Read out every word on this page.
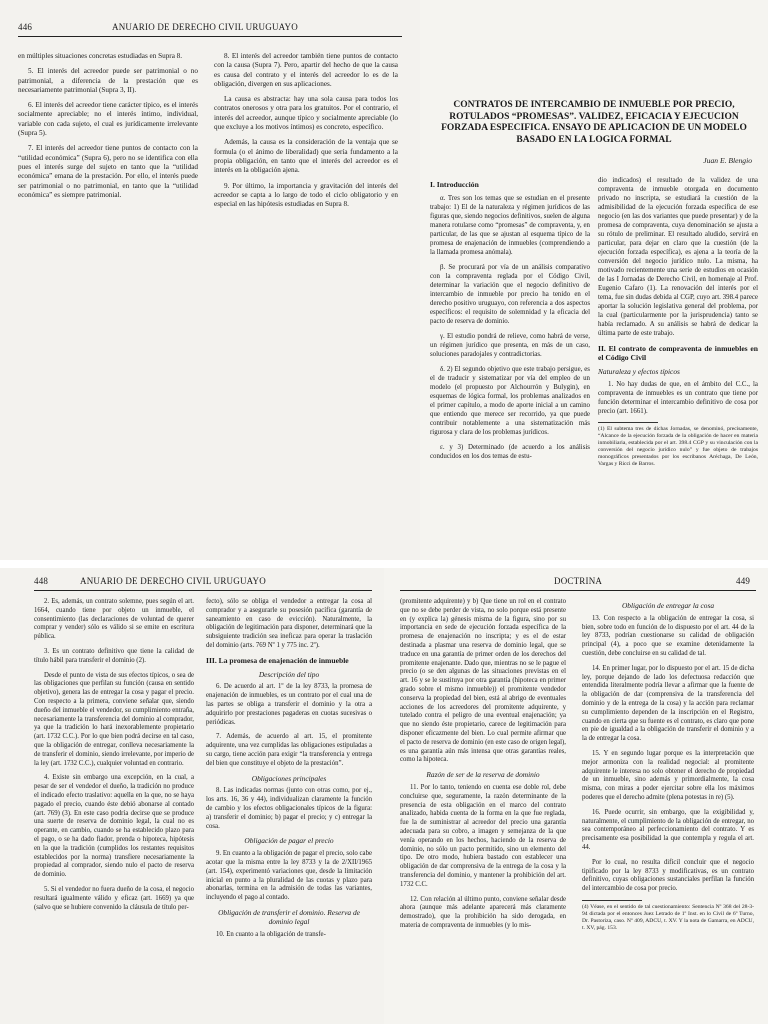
446	ANUARIO DE DERECHO CIVIL URUGUAYO

en múltiples situaciones concretas estudiadas en Supra 8.

5. El interés del acreedor puede ser patrimonial o no patrimonial, a diferencia de la prestación que es necesariamente patrimonial (Supra 3, II).

6. El interés del acreedor tiene carácter típico, es el interés socialmente apreciable; no el interés íntimo, individual, variable con cada sujeto, el cual es jurídicamente irrelevante (Supra 5).

7. El interés del acreedor tiene puntos de contacto con la “utilidad económica” (Supra 6), pero no se identifica con ella pues el interés surge del sujeto en tanto que la “utilidad económica” emana de la prestación. Por ello, el interés puede ser patrimonial o no patrimonial, en tanto que la “utilidad económica” es siempre patrimonial.

8. El interés del acreedor también tiene puntos de contacto con la causa (Supra 7). Pero, apartir del hecho de que la causa es causa del contrato y el interés del acreedor lo es de la obligación, divergen en sus aplicaciones.

La causa es abstracta: hay una sola causa para todos los contratos onerosos y otra para los gratuitos. Por el contrario, el interés del acreedor, aunque típico y socialmente apreciable (lo que excluye a los motivos íntimos) es concreto, específico.

Además, la causa es la consideración de la ventaja que se formula (o el ánimo de liberalidad) que sería fundamento a la propia obligación, en tanto que el interés del acreedor es el interés en la obligación ajena.

9. Por último, la importancia y gravitación del interés del acreedor se capta a lo largo de todo el ciclo obligatorio y en especial en las hipótesis estudiadas en Supra 8.

CONTRATOS DE INTERCAMBIO DE INMUEBLE POR PRECIO, ROTULADOS “PROMESAS”. VALIDEZ, EFICACIA Y EJECUCION FORZADA ESPECIFICA. ENSAYO DE APLICACION DE UN MODELO BASADO EN LA LOGICA FORMAL
Juan E. Blengio
I. Introducción

α. Tres son los temas que se estudian en el presente trabajo: 1) El de la naturaleza y régimen jurídicos de las figuras que, siendo negocios definitivos, suelen de alguna manera rotularse como “promesas” de compraventa, y, en particular, de las que se ajustan al esquema típico de la promesa de enajenación de inmuebles (comprendiendo a la llamada promesa anómala).

β. Se procurará por vía de un análisis comparativo con la compraventa reglada por el Código Civil, determinar la variación que el negocio definitivo de intercambio de inmueble por precio ha tenido en el derecho positivo uruguayo, con referencia a dos aspectos específicos: el requisito de solemnidad y la eficacia del pacto de reserva de dominio.

γ. El estudio pondrá de relieve, como habrá de verse, un régimen jurídico que presenta, en más de un caso, soluciones paradojales y contradictorias.

δ. 2) El segundo objetivo que este trabajo persigue, es el de traducir y sistematizar por vía del empleo de un modelo (el propuesto por Alchourrón y Bulygin), en esquemas de lógica formal, los problemas analizados en el primer capítulo, a modo de aporte inicial a un camino que entiendo que merece ser recorrido, ya que puede contribuir notablemente a una sistematización más rigurosa y clara de los problemas jurídicos.

ε. y 3) Determinado (de acuerdo a los análisis conducidos en los dos temas de estu-

dio indicados) el resultado de la validez de una compraventa de inmueble otorgada en documento privado no inscripta, se estudiará la cuestión de la admisibilidad de la ejecución forzada específica de ese negocio (en las dos variantes que puede presentar) y de la promesa de compraventa, cuya denominación se ajusta a su rótulo de preliminar. El resultado aludido, servirá en particular, para dejar en claro que la cuestión (de la ejecución forzada específica), es ajena a la teoría de la conversión del negocio jurídico nulo. La misma, ha motivado recientemente una serie de estudios en ocasión de las I Jornadas de Derecho Civil, en homenaje al Prof. Eugenio Cafaro (1). La renovación del interés por el tema, fue sin dudas debida al CGP, cuyo art. 398.4 parece aportar la solución legislativa general del problema, por la cual (particularmente por la jurisprudencia) tanto se había reclamado. A su análisis se habrá de dedicar la última parte de este trabajo.

II. El contrato de compraventa de inmuebles en el Código Civil
Naturaleza y efectos típicos

1. No hay dudas de que, en el ámbito del C.C., la compraventa de inmuebles es un contrato que tiene por función determinar el intercambio definitivo de cosa por precio (art. 1661).

(1) El subtema tres de dichas Jornadas, se denominó, precisamente, “Alcance de la ejecución forzada de la obligación de hacer en materia inmobiliaria, establecida por el art. 398.4 CGP y su vinculación con la conversión del negocio jurídico nulo” y fue objeto de trabajos monográficos presentados por los escribanos Aréchaga, De León, Vargas y Ricci de Barros.
448	ANUARIO DE DERECHO CIVIL URUGUAYO

2. Es, además, un contrato solemne, pues según el art. 1664, cuando tiene por objeto un inmueble, el consentimiento (las declaraciones de voluntad de querer comprar y vender) sólo es válido si se emite en escritura pública.

3. Es un contrato definitivo que tiene la calidad de título hábil para transferir el dominio (2).

Desde el punto de vista de sus efectos típicos, o sea de las obligaciones que perfilan su función (causa en sentido objetivo), genera las de entregar la cosa y pagar el precio. Con respecto a la primera, conviene señalar que, siendo dueño del inmueble el vendedor, su cumplimiento entraña, necesariamente la transferencia del dominio al comprador, ya que la tradición lo hará inexorablemente propietario (art. 1732 C.C.). Por lo que bien podrá decirse en tal caso, que la obligación de entregar, conlleva necesariamente la de transferir el dominio, siendo irrelevante, por imperio de la ley (art. 1732 C.C.), cualquier voluntad en contrario.

4. Existe sin embargo una excepción, en la cual, a pesar de ser el vendedor el dueño, la tradición no produce el indicado efecto traslativo: aquella en la que, no se haya pagado el precio, cuando éste debió abonarse al contado (art. 769) (3). En este caso podría decirse que se produce una suerte de reserva de dominio legal, la cual no es operante, en cambio, cuando se ha establecido plazo para el pago, o se ha dado fiador, prenda o hipoteca, hipótesis en la que la tradición (cumplidos los restantes requisitos establecidos por la norma) transfiere necesariamente la propiedad al comprador, siendo nulo el pacto de reserva de dominio.

5. Si el vendedor no fuera dueño de la cosa, el negocio resultará igualmente válido y eficaz (art. 1669) ya que (salvo que se hubiere convenido la cláusula de título per-

fecto), sólo se obliga el vendedor a entregar la cosa al comprador y a asegurarle su posesión pacífica (garantía de saneamiento en caso de evicción). Naturalmente, la obligación de legitimación para disponer, determinará que la subsiguiente tradición sea ineficaz para operar la traslación del dominio (arts. 769 Nº 1 y 775 inc. 2º).

III. La promesa de enajenación de inmueble
Descripción del tipo

6. De acuerdo al art. 1º de la ley 8733, la promesa de enajenación de inmuebles, es un contrato por el cual una de las partes se obliga a transferir el dominio y la otra a adquirirlo por prestaciones pagaderas en cuotas sucesivas o periódicas.

7. Además, de acuerdo al art. 15, el promitente adquirente, una vez cumplidas las obligaciones estipuladas a su cargo, tiene acción para exigir “la transferencia y entrega del bien que constituye el objeto de la prestación”.

Obligaciones principales

8. Las indicadas normas (junto con otras como, por ej., los arts. 16, 36 y 44), individualizan claramente la función de cambio y los efectos obligacionales típicos de la figura: a) transferir el dominio; b) pagar el precio; y c) entregar la cosa.

Obligación de pagar el precio

9. En cuanto a la obligación de pagar el precio, solo cabe acotar que la misma entre la ley 8733 y la de 2/XII/1965 (art. 154), experimentó variaciones que, desde la limitación inicial en punto a la pluralidad de las cuotas y plazo para abonarlas, termina en la admisión de todas las variantes, incluyendo el pago al contado.

Obligación de transferir el dominio. Reserva de dominio legal

10. En cuanto a la obligación de transfe-

DOCTRINA	449

(promitente adquirente) y b) Que tiene un rol en el contrato que no se debe perder de vista, no solo porque está presente en (y explica la) génesis misma de la figura, sino por su importancia en sede de ejecución forzada específica de la promesa de enajenación no inscripta; y es el de estar destinada a plasmar una reserva de dominio legal, que se traduce en una garantía de primer orden de los derechos del promitente enajenante. Dado que, mientras no se le pague el precio (o se den algunas de las situaciones previstas en el art. 16 y se le sustituya por otra garantía (hipoteca en primer grado sobre el mismo inmueble)) el promitente vendedor conserva la propiedad del bien, está al abrigo de eventuales acciones de los acreedores del promitente adquirente, y tutelado contra el peligro de una eventual enajenación; ya que no siendo éste propietario, carece de legitimación para disponer eficazmente del bien. Lo cual permite afirmar que el pacto de reserva de dominio (en este caso de origen legal), es una garantía aún más intensa que otras garantías reales, como la hipoteca.

Razón de ser de la reserva de dominio

11. Por lo tanto, teniendo en cuenta ese doble rol, debe concluirse que, seguramente, la razón determinante de la presencia de esta obligación en el marco del contrato analizado, habida cuenta de la forma en la que fue reglada, fue la de suministrar al acreedor del precio una garantía adecuada para su cobro, a imagen y semejanza de la que venía operando en los hechos, haciendo de la reserva de dominio, no sólo un pacto permitido, sino un elemento del tipo. De otro modo, hubiera bastado con establecer una obligación de dar comprensiva de la entrega de la cosa y la transferencia del dominio, y mantener la prohibición del art. 1732 C.C.

12. Con relación al último punto, conviene señalar desde ahora (aunque más adelante aparecerá más claramente demostrado), que la prohibición ha sido derogada, en materia de compraventa de inmuebles (y lo mis-

Obligación de entregar la cosa

13. Con respecto a la obligación de entregar la cosa, si bien, sobre todo en función de lo dispuesto por el art. 44 de la ley 8733, podrían cuestionarse su calidad de obligación principal (4), a poco que se examine detenidamente la cuestión, debe concluirse en su calidad de tal.

14. En primer lugar, por lo dispuesto por el art. 15 de dicha ley, porque dejando de lado los defectuosa redacción que entendida literalmente podría llevar a afirmar que la fuente de la obligación de dar (comprensiva de la transferencia del dominio y de la entrega de la cosa) y la acción para reclamar su cumplimiento dependen de la inscripción en el Registro, cuando en cierta que su fuente es el contrato, es claro que pone en pie de igualdad a la obligación de transferir el dominio y a la de entregar la cosa.

15. Y en segundo lugar porque es la interpretación que mejor armoniza con la realidad negocial: al promitente adquirente le interesa no solo obtener el derecho de propiedad de un inmueble, sino además y primordialmente, la cosa misma, con miras a poder ejercitar sobre ella los máximos poderes que el derecho admite (plena potestas in re) (5).

16. Puede ocurrir, sin embargo, que la exigibilidad y, naturalmente, el cumplimiento de la obligación de entregar, no sea contemporáneo al perfeccionamiento del contrato. Y es precisamente esa posibilidad la que contempla y regula el art. 44.

Por lo cual, no resulta difícil concluir que el negocio tipificado por la ley 8733 y modificativas, es un contrato definitivo, cuyas obligaciones sustanciales perfilan la función del intercambio de cosa por precio.

(4) Véase, en el sentido de tal cuestionamiento: Sentencia Nº 368 del 28-3-94 dictada por el entonces Juez Letrado de 1º Inst. en lo Civil de 6º Turno, Dr. Pastoriza, caso. Nº 409, ADCU, t. XV. Y la nota de Gamarra, en ADCU, t. XV, pág. 153.
